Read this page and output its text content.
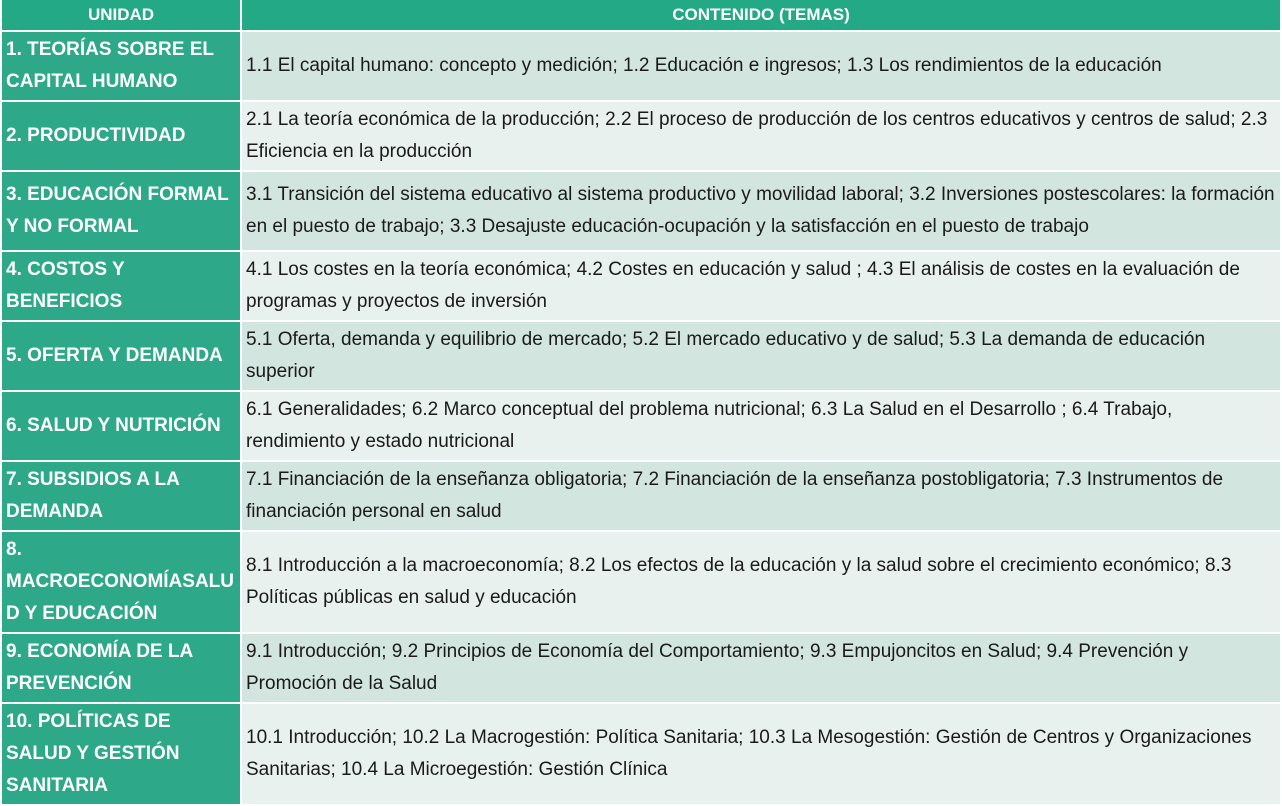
UNIDAD	CONTENIDO (TEMAS)
1. TEORÍAS SOBRE EL CAPITAL HUMANO	1.1 El capital humano: concepto y medición; 1.2 Educación e ingresos; 1.3 Los rendimientos de la educación
2. PRODUCTIVIDAD	2.1 La teoría económica de la producción; 2.2 El proceso de producción de los centros educativos y centros de salud; 2.3 Eficiencia en la producción
3. EDUCACIÓN FORMAL Y NO FORMAL	3.1 Transición del sistema educativo al sistema productivo y movilidad laboral; 3.2 Inversiones postescolares: la formación en el puesto de trabajo; 3.3 Desajuste educación-ocupación y la satisfacción en el puesto de trabajo
4. COSTOS Y BENEFICIOS	4.1 Los costes en la teoría económica; 4.2 Costes en educación y salud ; 4.3 El análisis de costes en la evaluación de programas y proyectos de inversión
5. OFERTA Y DEMANDA	5.1 Oferta, demanda y equilibrio de mercado; 5.2 El mercado educativo y de salud; 5.3 La demanda de educación superior
6. SALUD Y NUTRICIÓN	6.1 Generalidades; 6.2 Marco conceptual del problema nutricional; 6.3 La Salud en el Desarrollo ; 6.4 Trabajo, rendimiento y estado nutricional
7. SUBSIDIOS A LA DEMANDA	7.1 Financiación de la enseñanza obligatoria; 7.2 Financiación de la enseñanza postobligatoria; 7.3 Instrumentos de financiación personal en salud
8. MACROECONOMÍASALUD Y EDUCACIÓN	8.1 Introducción a la macroeconomía; 8.2 Los efectos de la educación y la salud sobre el crecimiento económico; 8.3 Políticas públicas en salud y educación
9. ECONOMÍA DE LA PREVENCIÓN	9.1 Introducción; 9.2 Principios de Economía del Comportamiento; 9.3 Empujoncitos en Salud; 9.4 Prevención y Promoción de la Salud
10. POLÍTICAS DE SALUD Y GESTIÓN SANITARIA	10.1 Introducción; 10.2 La Macrogestión: Política Sanitaria; 10.3 La Mesogestión: Gestión de Centros y Organizaciones Sanitarias; 10.4 La Microegestión: Gestión Clínica
